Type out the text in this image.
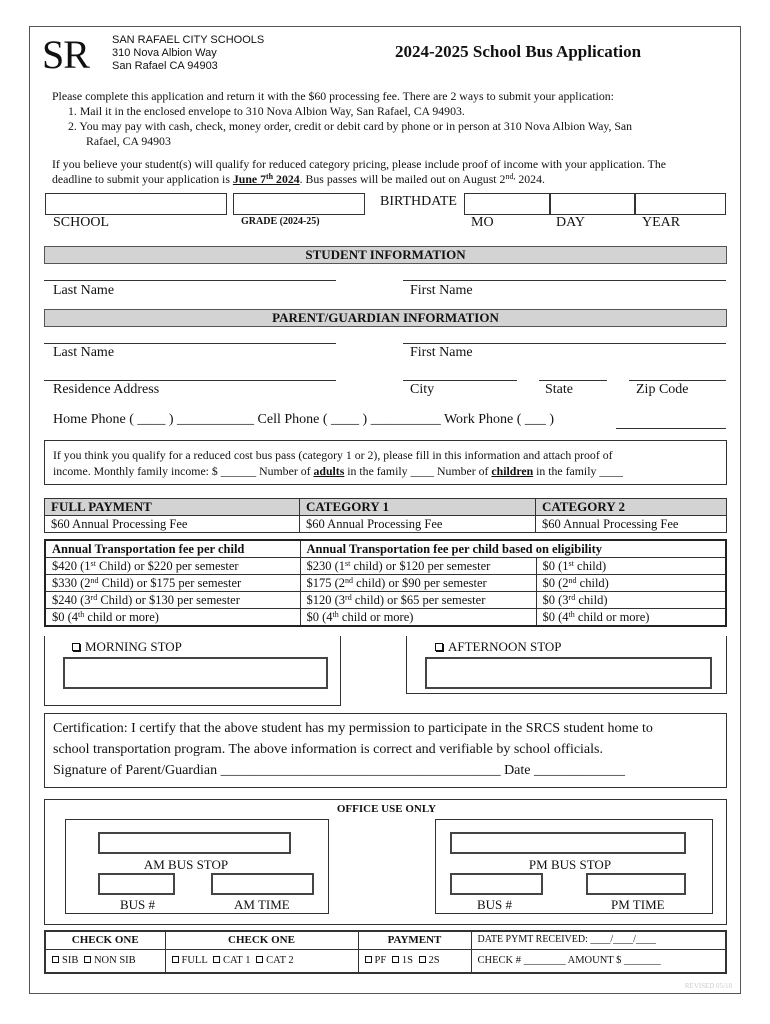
SR SAN RAFAEL CITY SCHOOLS
310 Nova Albion Way
San Rafael CA 94903
2024-2025 School Bus Application
Please complete this application and return it with the $60 processing fee. There are 2 ways to submit your application:
1. Mail it in the enclosed envelope to 310 Nova Albion Way, San Rafael, CA 94903.
2. You may pay with cash, check, money order, credit or debit card by phone or in person at 310 Nova Albion Way, San
Rafael, CA 94903
If you believe your student(s) will qualify for reduced category pricing, please include proof of income with your application. The
deadline to submit your application is June 7th 2024. Bus passes will be mailed out on August $2^{nd,}$ 2024.
SCHOOL	GRADE (2024-25)
BIRTHDATE
MO	DAY	YEAR
STUDENT INFORMATION
Last Name	First Name
PARENT/GUARDIAN INFORMATION
Last Name	First Name
Residence Address	City	State	Zip Code
Home Phone ( ____ ) ___________ Cell Phone ( ____ ) __________ Work Phone ( ___ )
If you think you qualify for a reduced cost bus pass (category 1 or 2), please fill in this information and attach proof of
income. Monthly family income: $ ______ Number of adults in the family ____ Number of children in the family ____
FULL PAYMENT	CATEGORY 1	CATEGORY 2
$60 Annual Processing Fee	$60 Annual Processing Fee	$60 Annual Processing Fee
Annual Transportation fee per child	Annual Transportation fee per child based on eligibility	
$420 (1st Child) or $220 per semester	$230 (1st child) or $120 per semester	$0 (1st child)
$330 (2nd Child) or $175 per semester	$175 (2nd child) or $90 per semester	$0 (2nd child)
$240 (3rd Child) or $130 per semester	$120 (3rd child) or $65 per semester	$0 (3rd child)
$0 (4th child or more)	$0 (4th child or more)	$0 (4th child or more)
MORNING STOP	AFTERNOON STOP
Certification: I certify that the above student has my permission to participate in the SRCS student home to
school transportation program. The above information is correct and verifiable by school officials.
Signature of Parent/Guardian ________________________________________ Date _____________
OFFICE USE ONLY
AM BUS STOP
BUS #	AM TIME
PM BUS STOP
BUS #	PM TIME
CHECK ONE	CHECK ONE	PAYMENT	DATE PYMT RECEIVED: ____/____/____
SIB NON SIB	FULL CAT 1 CAT 2	PF 1S 2S	CHECK # ________ AMOUNT $ _______
REVISED 05/18
